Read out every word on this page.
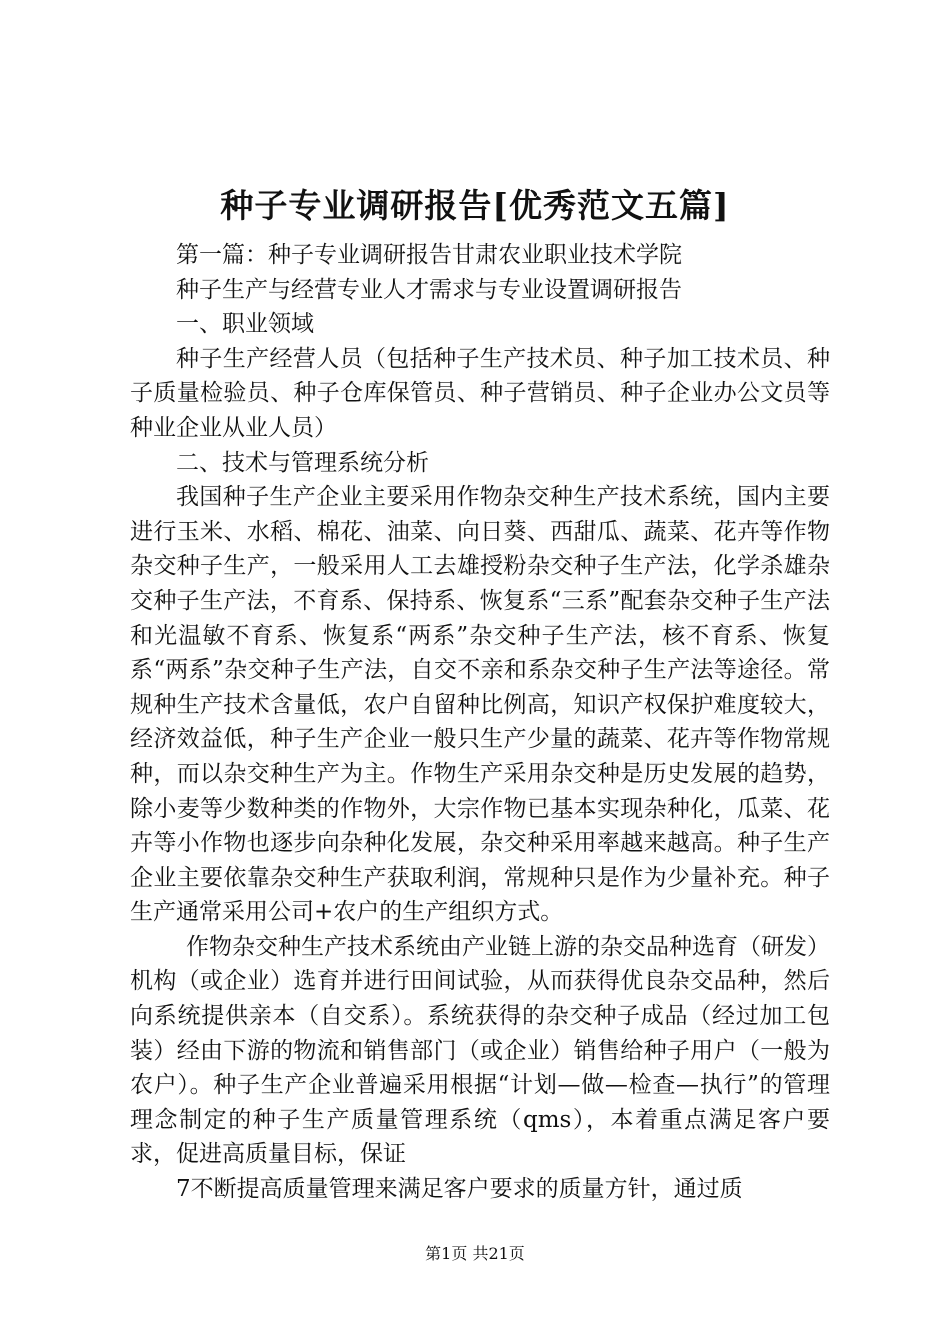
种子专业调研报告[优秀范文五篇]

第一篇：种子专业调研报告甘肃农业职业技术学院

种子生产与经营专业人才需求与专业设置调研报告

一、职业领域

种子生产经营人员（包括种子生产技术员、种子加工技术员、种子质量检验员、种子仓库保管员、种子营销员、种子企业办公文员等种业企业从业人员）

二、技术与管理系统分析

我国种子生产企业主要采用作物杂交种生产技术系统，国内主要进行玉米、水稻、棉花、油菜、向日葵、西甜瓜、蔬菜、花卉等作物杂交种子生产，一般采用人工去雄授粉杂交种子生产法，化学杀雄杂交种子生产法，不育系、保持系、恢复系“三系”配套杂交种子生产法和光温敏不育系、恢复系“两系”杂交种子生产法，核不育系、恢复系“两系”杂交种子生产法，自交不亲和系杂交种子生产法等途径。常规种生产技术含量低，农户自留种比例高，知识产权保护难度较大，经济效益低，种子生产企业一般只生产少量的蔬菜、花卉等作物常规种，而以杂交种生产为主。作物生产采用杂交种是历史发展的趋势，除小麦等少数种类的作物外，大宗作物已基本实现杂种化，瓜菜、花卉等小作物也逐步向杂种化发展，杂交种采用率越来越高。种子生产企业主要依靠杂交种生产获取利润，常规种只是作为少量补充。种子生产通常采用公司+农户的生产组织方式。

作物杂交种生产技术系统由产业链上游的杂交品种选育（研发）机构（或企业）选育并进行田间试验，从而获得优良杂交品种，然后向系统提供亲本（自交系）。系统获得的杂交种子成品（经过加工包装）经由下游的物流和销售部门（或企业）销售给种子用户（一般为农户）。种子生产企业普遍采用根据“计划—做—检查—执行”的管理理念制定的种子生产质量管理系统（qms），本着重点满足客户要求，促进高质量目标，保证

7不断提高质量管理来满足客户要求的质量方针，通过质

第1页 共21页
